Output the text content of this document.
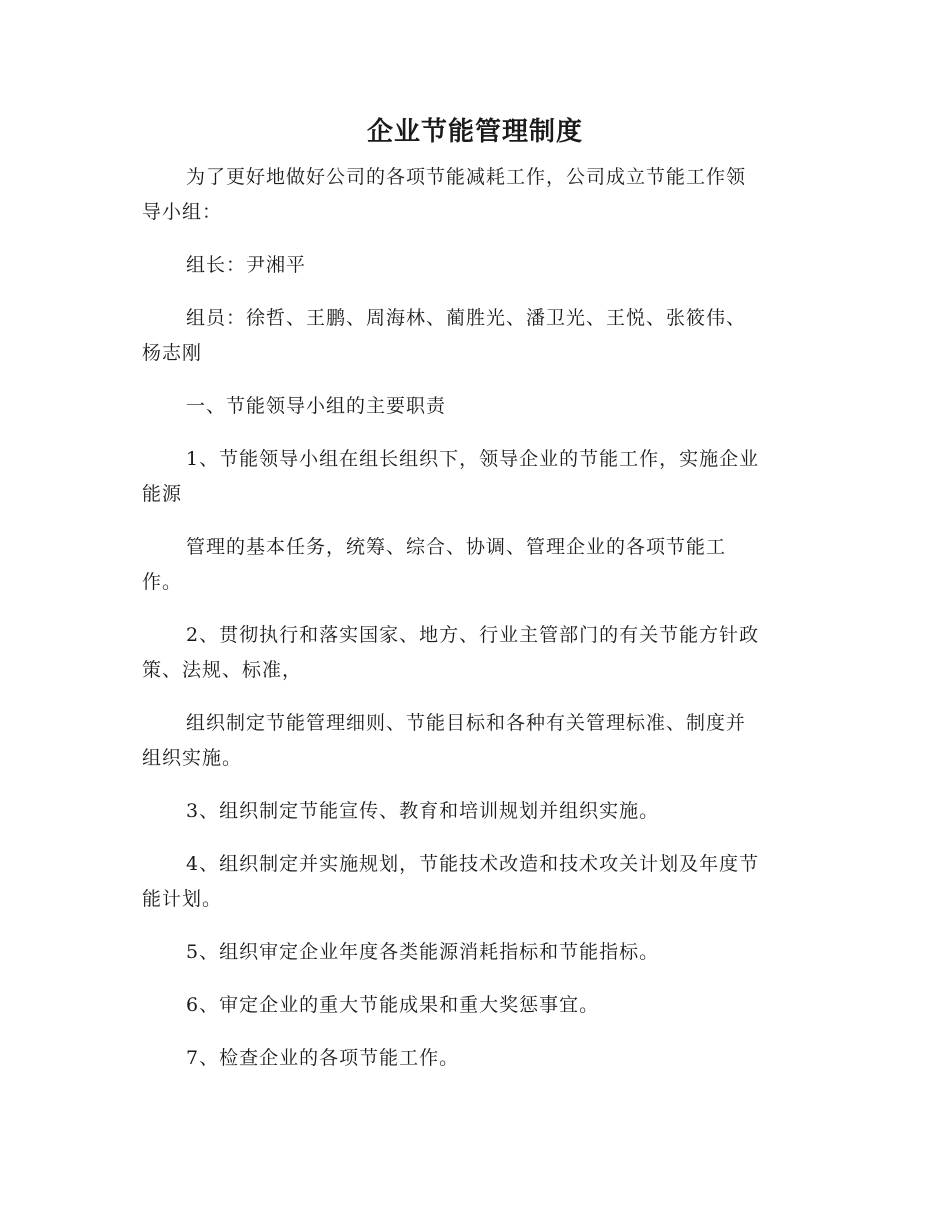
企业节能管理制度

为了更好地做好公司的各项节能减耗工作，公司成立节能工作领
导小组：

组长：尹湘平

组员：徐哲、王鹏、周海林、蔺胜光、潘卫光、王悦、张筱伟、
杨志刚

一、节能领导小组的主要职责

1、节能领导小组在组长组织下，领导企业的节能工作，实施企业
能源

管理的基本任务，统筹、综合、协调、管理企业的各项节能工
作。

2、贯彻执行和落实国家、地方、行业主管部门的有关节能方针政
策、法规、标准，

组织制定节能管理细则、节能目标和各种有关管理标准、制度并
组织实施。

3、组织制定节能宣传、教育和培训规划并组织实施。

4、组织制定并实施规划，节能技术改造和技术攻关计划及年度节
能计划。

5、组织审定企业年度各类能源消耗指标和节能指标。

6、审定企业的重大节能成果和重大奖惩事宜。

7、检查企业的各项节能工作。
